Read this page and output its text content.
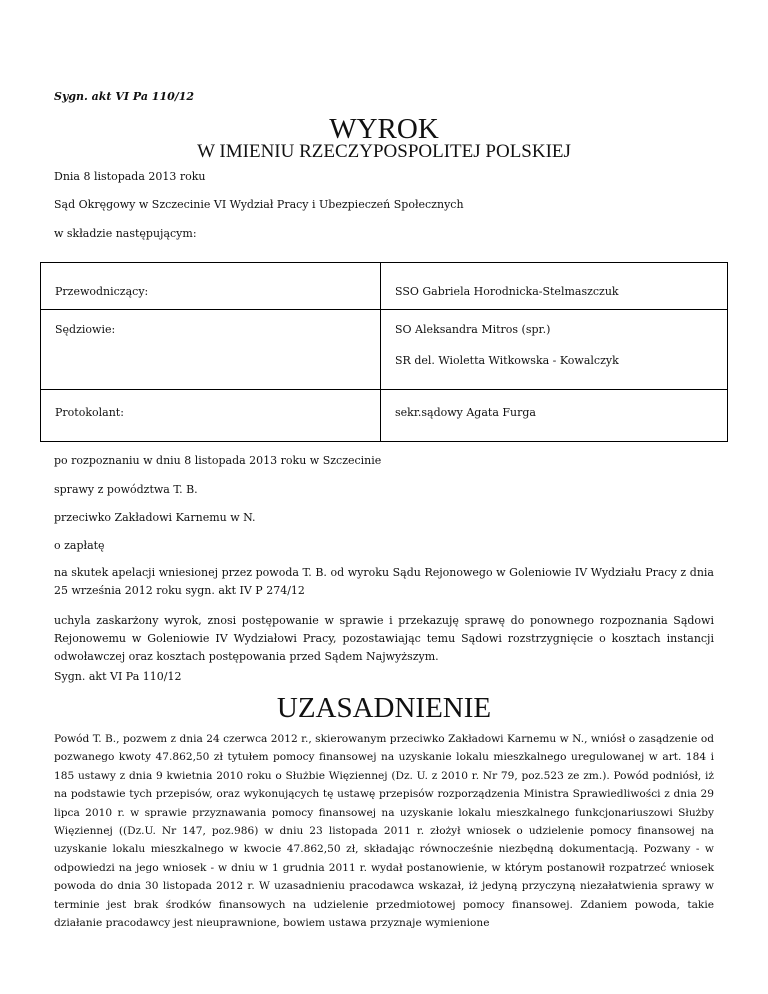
Sygn. akt VI Pa 110/12
WYROK
W IMIENIU RZECZYPOSPOLITEJ POLSKIEJ
Dnia 8 listopada 2013 roku
Sąd Okręgowy w Szczecinie VI Wydział Pracy i Ubezpieczeń Społecznych
w składzie następującym:
Przewodniczący:	SSO Gabriela Horodnicka-Stelmaszczuk

Sędziowie:	SO Aleksandra Mitros (spr.)
SR del. Wioletta Witkowska - Kowalczyk

Protokolant:	sekr.sądowy Agata Furga
po rozpoznaniu w dniu 8 listopada 2013 roku w Szczecinie
sprawy z powództwa T. B.
przeciwko Zakładowi Karnemu w N.
o zapłatę
na skutek apelacji wniesionej przez powoda T. B. od wyroku Sądu Rejonowego w Goleniowie IV Wydziału Pracy z dnia 25 września 2012 roku sygn. akt IV P 274/12
uchyla zaskarżony wyrok, znosi postępowanie w sprawie i przekazuję sprawę do ponownego rozpoznania Sądowi Rejonowemu w Goleniowie IV Wydziałowi Pracy, pozostawiając temu Sądowi rozstrzygnięcie o kosztach instancji odwoławczej oraz kosztach postępowania przed Sądem Najwyższym.
Sygn. akt VI Pa 110/12
UZASADNIENIE
Powód T. B., pozwem z dnia 24 czerwca 2012 r., skierowanym przeciwko Zakładowi Karnemu w N., wniósł o zasądzenie od pozwanego kwoty 47.862,50 zł tytułem pomocy finansowej na uzyskanie lokalu mieszkalnego uregulowanej w art. 184 i 185 ustawy z dnia 9 kwietnia 2010 roku o Służbie Więziennej (Dz. U. z 2010 r. Nr 79, poz.523 ze zm.). Powód podniósł, iż na podstawie tych przepisów, oraz wykonujących tę ustawę przepisów rozporządzenia Ministra Sprawiedliwości z dnia 29 lipca 2010 r. w sprawie przyznawania pomocy finansowej na uzyskanie lokalu mieszkalnego funkcjonariuszowi Służby Więziennej ((Dz.U. Nr 147, poz.986) w dniu 23 listopada 2011 r. złożył wniosek o udzielenie pomocy finansowej na uzyskanie lokalu mieszkalnego w kwocie 47.862,50 zł, składając równocześnie niezbędną dokumentacją. Pozwany - w odpowiedzi na jego wniosek - w dniu w 1 grudnia 2011 r. wydał postanowienie, w którym postanowił rozpatrzeć wniosek powoda do dnia 30 listopada 2012 r. W uzasadnieniu pracodawca wskazał, iż jedyną przyczyną niezałatwienia sprawy w terminie jest brak środków finansowych na udzielenie przedmiotowej pomocy finansowej. Zdaniem powoda, takie działanie pracodawcy jest nieuprawnione, bowiem ustawa przyznaje wymienione
